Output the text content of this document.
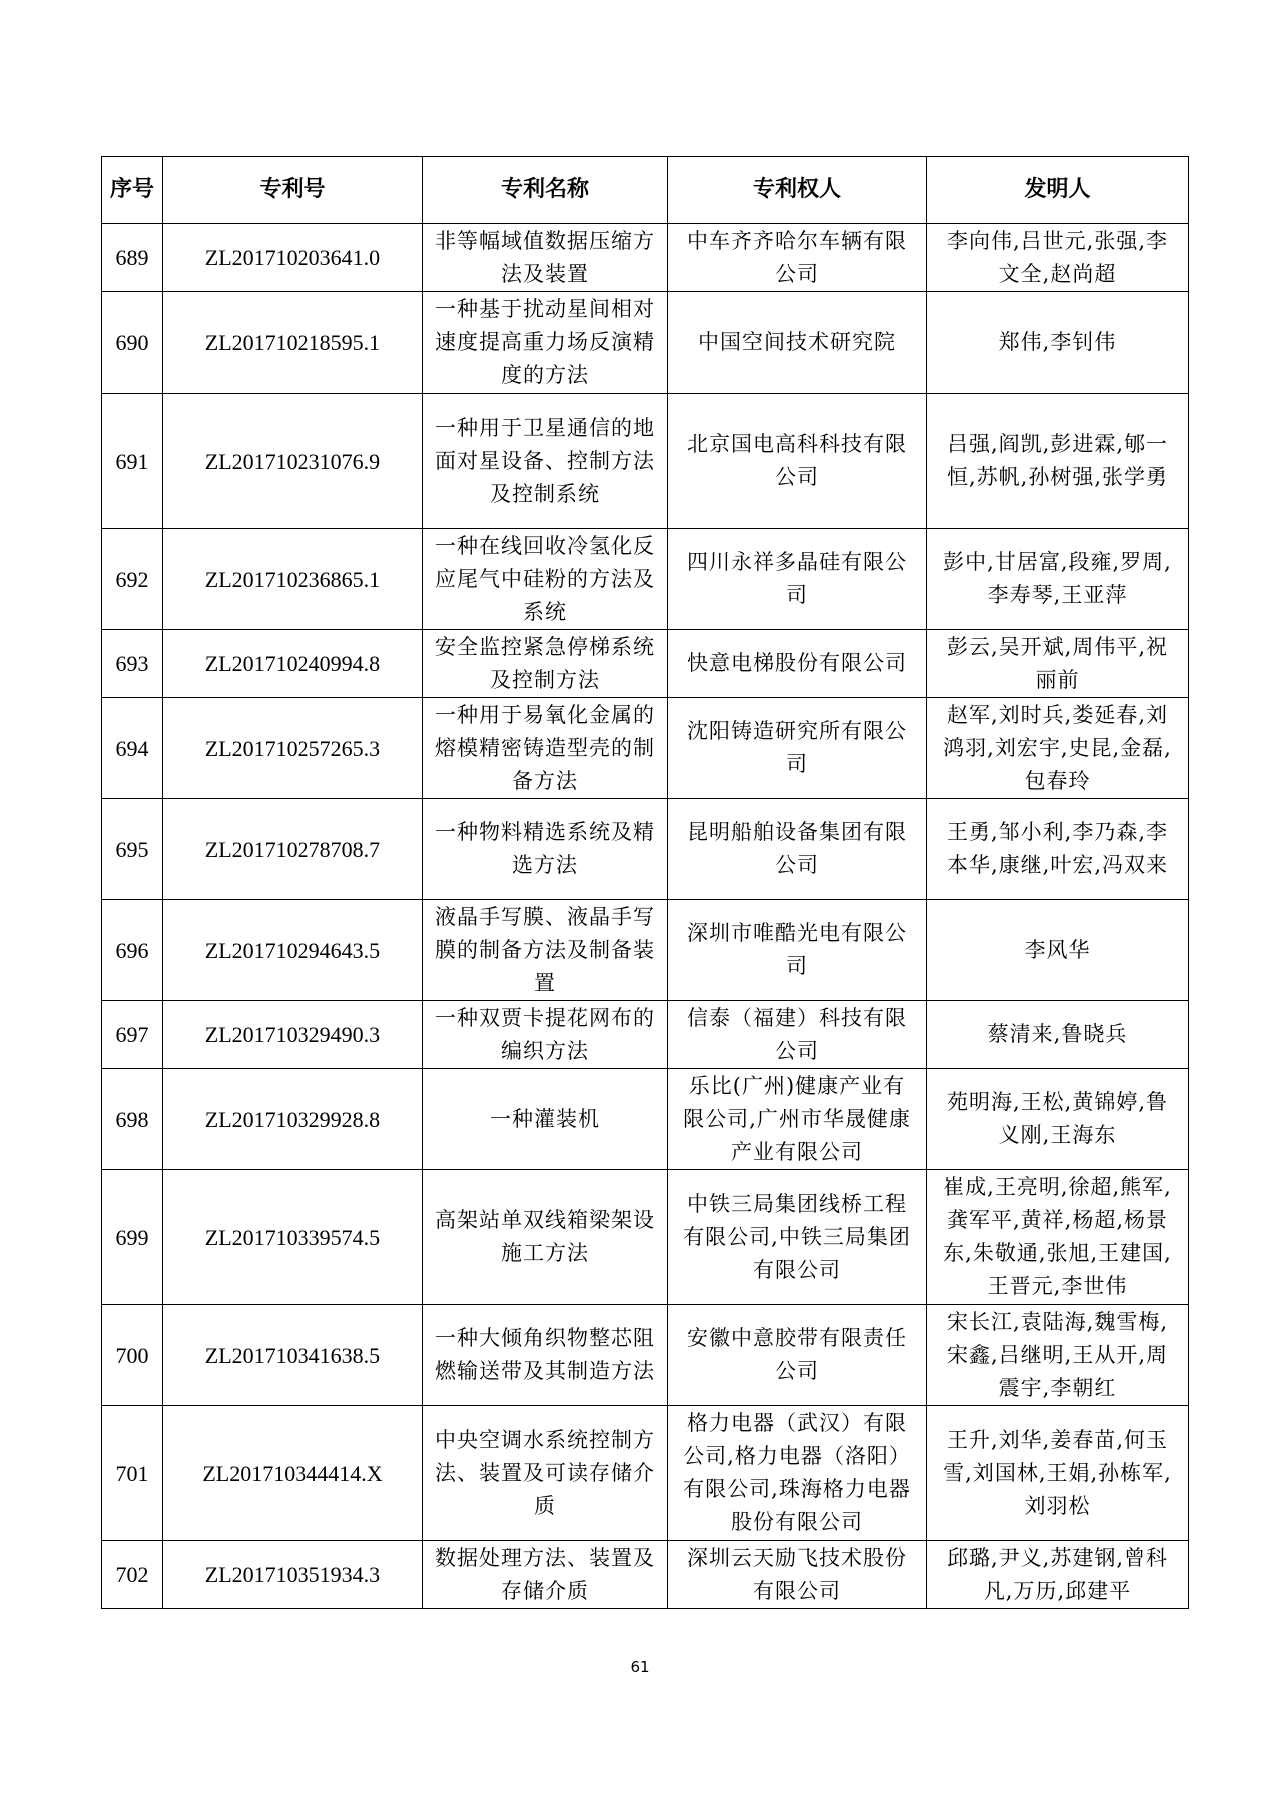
序号	专利号	专利名称	专利权人	发明人
689	ZL201710203641.0	非等幅域值数据压缩方法及装置	中车齐齐哈尔车辆有限公司	李向伟,吕世元,张强,李文全,赵尚超
690	ZL201710218595.1	一种基于扰动星间相对速度提高重力场反演精度的方法	中国空间技术研究院	郑伟,李钊伟
691	ZL201710231076.9	一种用于卫星通信的地面对星设备、控制方法　及控制系统	北京国电高科科技有限公司	吕强,阎凯,彭进霖,郇一恒,苏帆,孙树强,张学勇
692	ZL201710236865.1	一种在线回收冷氢化反应尾气中硅粉的方法及系统	四川永祥多晶硅有限公司	彭中,甘居富,段雍,罗周,李寿琴,王亚萍
693	ZL201710240994.8	安全监控紧急停梯系统及控制方法	快意电梯股份有限公司	彭云,吴开斌,周伟平,祝丽前
694	ZL201710257265.3	一种用于易氧化金属的熔模精密铸造型壳的制备方法	沈阳铸造研究所有限公司	赵军,刘时兵,娄延春,刘鸿羽,刘宏宇,史昆,金磊,包春玲
695	ZL201710278708.7	一种物料精选系统及精选方法	昆明船舶设备集团有限公司	王勇,邹小利,李乃森,李本华,康继,叶宏,冯双来
696	ZL201710294643.5	液晶手写膜、液晶手写膜的制备方法及制备装置	深圳市唯酷光电有限公司	李风华
697	ZL201710329490.3	一种双贾卡提花网布的编织方法	信泰（福建）科技有限公司	蔡清来,鲁晓兵
698	ZL201710329928.8	一种灌装机	乐比(广州)健康产业有限公司,广州市华晟健康产业有限公司	苑明海,王松,黄锦婷,鲁义刚,王海东
699	ZL201710339574.5	高架站单双线箱梁架设施工方法	中铁三局集团线桥工程有限公司,中铁三局集团有限公司	崔成,王亮明,徐超,熊军,龚军平,黄祥,杨超,杨景东,朱敬通,张旭,王建国,王晋元,李世伟
700	ZL201710341638.5	一种大倾角织物整芯阻燃输送带及其制造方法	安徽中意胶带有限责任公司	宋长江,袁陆海,魏雪梅,宋鑫,吕继明,王从开,周震宇,李朝红
701	ZL201710344414.X	中央空调水系统控制方法、装置及可读存储介质	格力电器（武汉）有限公司,格力电器（洛阳）有限公司,珠海格力电器股份有限公司	王升,刘华,姜春苗,何玉雪,刘国林,王娟,孙栋军,刘羽松
702	ZL201710351934.3	数据处理方法、装置及存储介质	深圳云天励飞技术股份有限公司	邱璐,尹义,苏建钢,曾科凡,万历,邱建平
61
